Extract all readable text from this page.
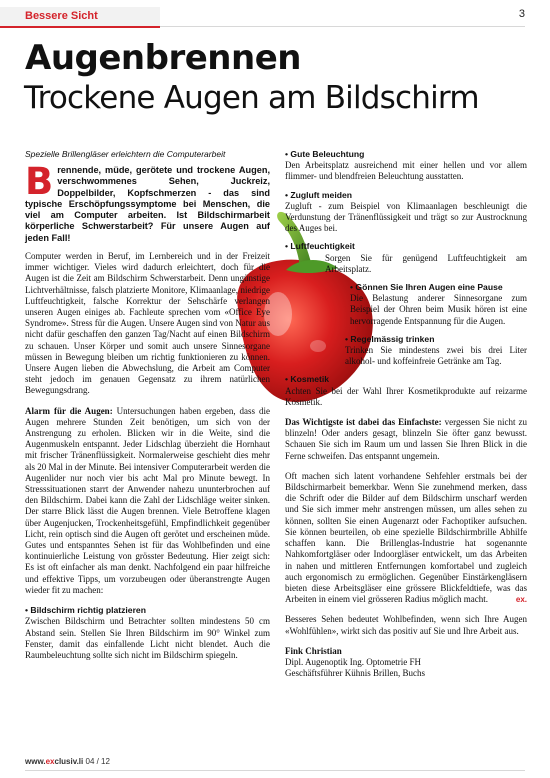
Bessere Sicht	3
Augenbrennen
Trockene Augen am Bildschirm
Spezielle Brillengläser erleichtern die Computerarbeit
Brennende, müde, gerötete und trockene Augen, verschwommenes Sehen, Juckreiz, Doppelbilder, Kopfschmerzen - das sind typische Erschöpfungssymptome bei Menschen, die viel am Computer arbeiten. Ist Bildschirmarbeit körperliche Schwerstarbeit? Für unsere Augen auf jeden Fall!

Computer werden in Beruf, im Lernbereich und in der Freizeit immer wichtiger. Vieles wird dadurch erleichtert, doch für die Augen ist die Zeit am Bildschirm Schwerstarbeit. Denn ungünstige Lichtverhältnisse, falsch platzierte Monitore, Klimaanlage, niedrige Luftfeuchtigkeit, falsche Korrektur der Sehschärfe verlangen unseren Augen einiges ab. Fachleute sprechen vom «Office Eye Syndrome». Stress für die Augen. Unsere Augen sind von Natur aus nicht dafür geschaffen den ganzen Tag/Nacht auf einen Bildschirm zu schauen. Unser Körper und somit auch unsere Sinnesorgane müssen in Bewegung bleiben um richtig funktionieren zu können. Unsere Augen lieben die Abwechslung, die Arbeit am Computer steht jedoch im genauen Gegensatz zu ihrem natürlichen Bewegungsdrang.

Alarm für die Augen: Untersuchungen haben ergeben, dass die Augen mehrere Stunden Zeit benötigen, um sich von der Anstrengung zu erholen. Blicken wir in die Weite, sind die Augenmuskeln entspannt. Jeder Lidschlag überzieht die Hornhaut mit frischer Tränenflüssigkeit. Normalerweise geschieht dies mehr als 20 Mal in der Minute. Bei intensiver Computerarbeit werden die Augenlider nur noch vier bis acht Mal pro Minute bewegt. In Stresssituationen starrt der Anwender nahezu ununterbrochen auf den Bildschirm. Dabei kann die Zahl der Lidschläge weiter sinken. Der starre Blick lässt die Augen brennen. Viele Betroffene klagen über Augenjucken, Trockenheitsgefühl, Empfindlichkeit gegenüber Licht, rein optisch sind die Augen oft gerötet und erscheinen müde. Gutes und entspanntes Sehen ist für das Wohlbefinden und eine kontinuierliche Leistung von grösster Bedeutung. Hier zeigt sich: Es ist oft einfacher als man denkt. Nachfolgend ein paar hilfreiche und effektive Tipps, um vorzubeugen oder überanstrengte Augen wieder fit zu machen:

• Bildschirm richtig platzieren

Zwischen Bildschirm und Betrachter sollten mindestens 50 cm Abstand sein. Stellen Sie Ihren Bildschirm im 90° Winkel zum Fenster, damit das einfallende Licht nicht blendet. Auch die Raumbeleuchtung sollte sich nicht im Bildschirm spiegeln.

• Gute Beleuchtung

Den Arbeitsplatz ausreichend mit einer hellen und vor allem flimmer- und blendfreien Beleuchtung ausstatten.

• Zugluft meiden

Zugluft - zum Beispiel von Klimaanlagen beschleunigt die Verdunstung der Tränenflüssigkeit und trägt so zur Austrocknung des Auges bei.

• Luftfeuchtigkeit

Sorgen Sie für genügend Luftfeuchtigkeit am Arbeitsplatz.

• Gönnen Sie Ihren Augen eine Pause

Die Belastung anderer Sinnesorgane zum Beispiel der Ohren beim Musik hören ist eine hervorragende Entspannung für die Augen.

• Regelmässig trinken

Trinken Sie mindestens zwei bis drei Liter alkohol- und koffeinfreie Getränke am Tag.

• Kosmetik

Achten Sie bei der Wahl Ihrer Kosmetikprodukte auf reizarme Kosmetik.

Das Wichtigste ist dabei das Einfachste: vergessen Sie nicht zu blinzeln! Oder anders gesagt, blinzeln Sie öfter ganz bewusst. Schauen Sie sich im Raum um und lassen Sie Ihren Blick in die Ferne schweifen. Das entspannt ungemein.

Oft machen sich latent vorhandene Sehfehler erstmals bei der Bildschirmarbeit bemerkbar. Wenn Sie zunehmend merken, dass die Schrift oder die Bilder auf dem Bildschirm unscharf werden und Sie sich immer mehr anstrengen müssen, um alles sehen zu können, sollten Sie einen Augenarzt oder Fachoptiker aufsuchen. Sie können beurteilen, ob eine spezielle Bildschirmbrille Abhilfe schaffen kann. Die Brillenglas-Industrie hat sogenannte Nahkomfortgläser oder Indoorgläser entwickelt, um das Arbeiten in nahen und mittleren Entfernungen komfortabel und zugleich auch ergonomisch zu ermöglichen. Gegenüber Einstärkengläsern bieten diese Arbeitsgläser eine grössere Blickfeldtiefe, was das Arbeiten in einem viel grösseren Radius möglich macht.	ex.

Besseres Sehen bedeutet Wohlbefinden, wenn sich Ihre Augen «Wohlfühlen», wirkt sich das positiv auf Sie und Ihre Arbeit aus.

Fink Christian
Dipl. Augenoptik Ing. Optometrie FH
Geschäftsführer Kühnis Brillen, Buchs
www.exclusiv.li 04 / 12
